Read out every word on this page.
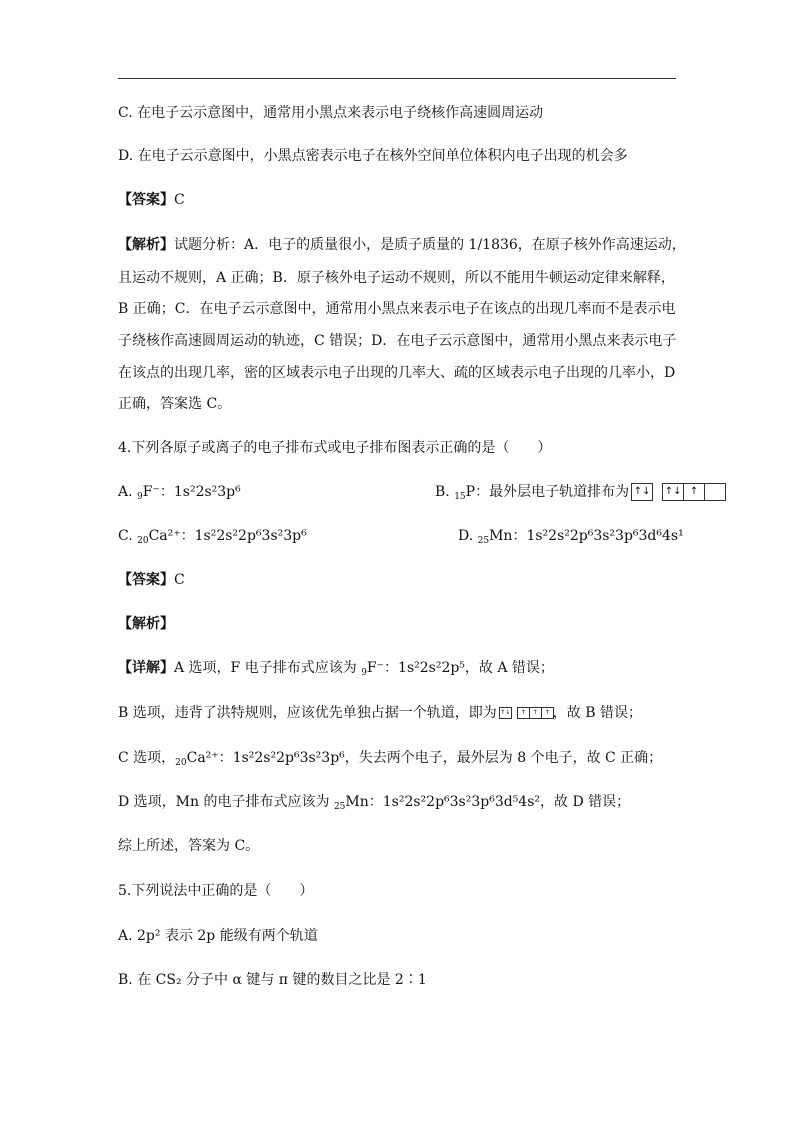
C. 在电子云示意图中，通常用小黑点来表示电子绕核作高速圆周运动
D. 在电子云示意图中，小黑点密表示电子在核外空间单位体积内电子出现的机会多
【答案】C
【解析】试题分析：A．电子的质量很小，是质子质量的 1/1836，在原子核外作高速运动，
且运动不规则，A 正确；B．原子核外电子运动不规则，所以不能用牛顿运动定律来解释，
B 正确；C．在电子云示意图中，通常用小黑点来表示电子在该点的出现几率而不是表示电
子绕核作高速圆周运动的轨迹，C 错误；D．在电子云示意图中，通常用小黑点来表示电子
在该点的出现几率，密的区域表示电子出现的几率大、疏的区域表示电子出现的几率小，D
正确，答案选 C。
4.下列各原子或离子的电子排布式或电子排布图表示正确的是（　　）
A. $_9$F⁻：1s²2s²3p⁶	B. $_{15}$P：最外层电子轨道排布为 ↑↓ ↑↓ ↑
C. $_{20}$Ca²⁺：1s²2s²2p⁶3s²3p⁶	D. $_{25}$Mn：1s²2s²2p⁶3s²3p⁶3d⁶4s¹
【答案】C
【解析】
【详解】A 选项，F 电子排布式应该为 $_9$F⁻：1s²2s²2p⁵，故 A 错误；
B 选项，违背了洪特规则，应该优先单独占据一个轨道，即为 ↑↓	↑	↑	↑ ，故 B 错误；
C 选项，$_{20}$Ca²⁺：1s²2s²2p⁶3s²3p⁶，失去两个电子，最外层为 8 个电子，故 C 正确；
D 选项，Mn 的电子排布式应该为 $_{25}$Mn：1s²2s²2p⁶3s²3p⁶3d⁵4s²，故 D 错误；
综上所述，答案为 C。
5.下列说法中正确的是（　　）
A. 2p² 表示 2p 能级有两个轨道
B. 在 CS₂ 分子中 α 键与 π 键的数目之比是 2∶1
